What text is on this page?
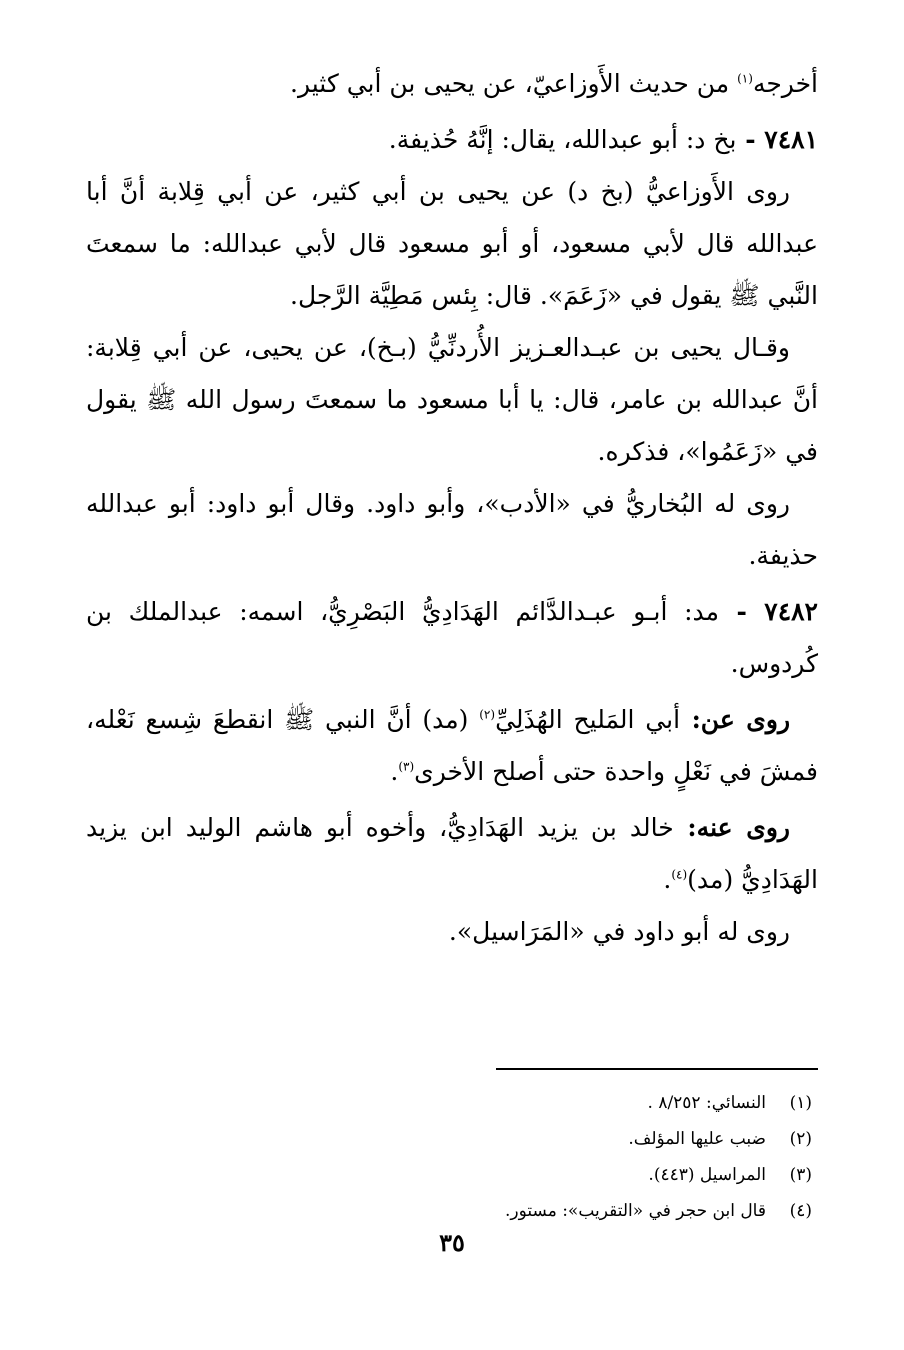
أخرجه$^{(١)}$ من حديث الأَوزاعيّ، عن يحيى بن أبي كثير.

٧٤٨١ - بخ د: أبو عبدالله، يقال: إنَّهُ حُذيفة.

روى الأَوزاعيُّ (بخ د) عن يحيى بن أبي كثير، عن أبي قِلابة أنَّ أبا عبدالله قال لأبي مسعود، أو أبو مسعود قال لأبي عبدالله: ما سمعتَ النَّبي ﷺ يقول في «زَعَمَ». قال: بِئس مَطِيَّة الرَّجل.

وقـال يحيى بن عبـدالعـزيز الأُردنِّيُّ (بـخ)، عن يحيى، عن أبي قِلابة: أنَّ عبدالله بن عامر، قال: يا أبا مسعود ما سمعتَ رسول الله ﷺ يقول في «زَعَمُوا»، فذكره.

روى له البُخاريُّ في «الأدب»، وأبو داود. وقال أبو داود: أبو عبدالله حذيفة.

٧٤٨٢ - مد: أبـو عبـدالدَّائم الهَدَادِيُّ البَصْرِيُّ، اسمه: عبدالملك بن كُردوس.

روى عن: أبي المَليح الهُذَلِيِّ$^{(٢)}$ (مد) أنَّ النبي ﷺ انقطعَ شِسع نَعْله، فمشَ في نَعْلٍ واحدة حتى أصلح الأخرى$^{(٣)}$.

روى عنه: خالد بن يزيد الهَدَادِيُّ، وأخوه أبو هاشم الوليد ابن يزيد الهَدَادِيُّ (مد)$^{(٤)}$.

روى له أبو داود في «المَرَاسيل».

(١)النسائي: ٨/٢٥٢ .
(٢)ضبب عليها المؤلف.
(٣)المراسيل (٤٤٣).
(٤)قال ابن حجر في «التقريب»: مستور.
٣٥
